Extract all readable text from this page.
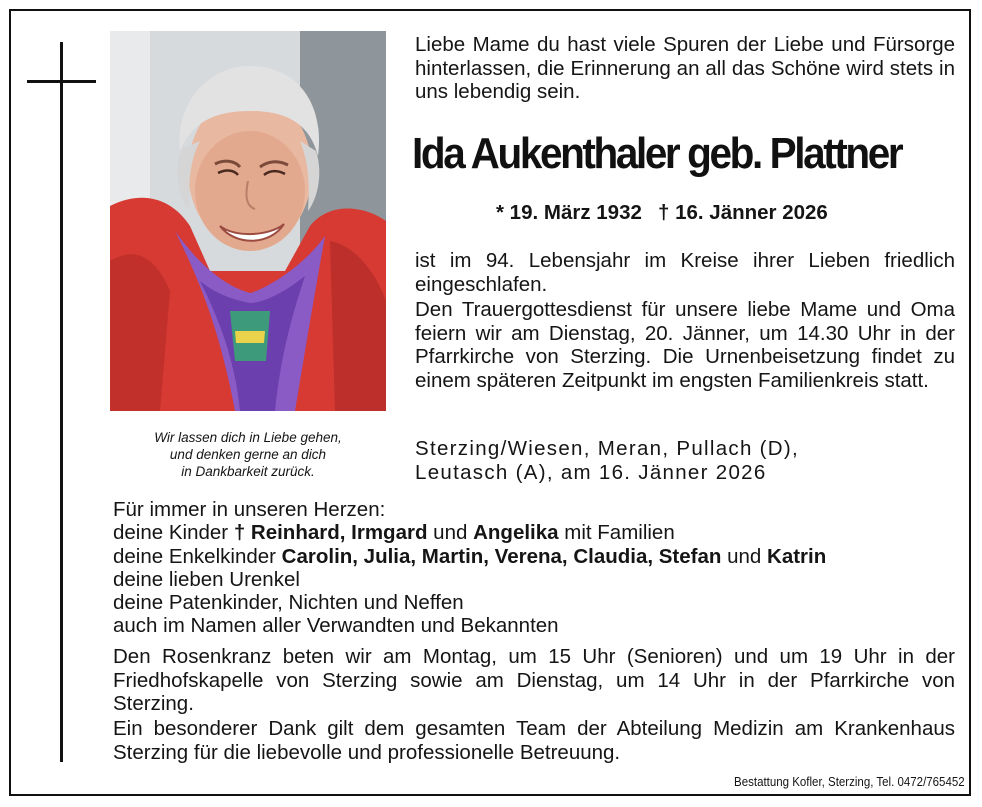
Wir lassen dich in Liebe gehen,
und denken gerne an dich
in Dankbarkeit zurück.
Liebe Mame du hast viele Spuren der Liebe und Fürsorge hinterlassen, die Erinnerung an all das Schöne wird stets in uns lebendig sein.
Ida Aukenthaler geb. Plattner
* 19. März 1932 † 16. Jänner 2026
ist im 94. Lebensjahr im Kreise ihrer Lieben friedlich eingeschlafen.
Den Trauergottesdienst für unsere liebe Mame und Oma feiern wir am Dienstag, 20. Jänner, um 14.30 Uhr in der Pfarrkirche von Sterzing. Die Urnenbeisetzung findet zu einem späteren Zeitpunkt im engsten Familienkreis statt.
Sterzing/Wiesen, Meran, Pullach (D),
Leutasch (A), am 16. Jänner 2026
Für immer in unseren Herzen:
deine Kinder † Reinhard, Irmgard und Angelika mit Familien
deine Enkelkinder Carolin, Julia, Martin, Verena, Claudia, Stefan und Katrin
deine lieben Urenkel
deine Patenkinder, Nichten und Neffen
auch im Namen aller Verwandten und Bekannten
Den Rosenkranz beten wir am Montag, um 15 Uhr (Senioren) und um 19 Uhr in der Friedhofskapelle von Sterzing sowie am Dienstag, um 14 Uhr in der Pfarrkirche von Sterzing.
Ein besonderer Dank gilt dem gesamten Team der Abteilung Medizin am Krankenhaus Sterzing für die liebevolle und professionelle Betreuung.
Bestattung Kofler, Sterzing, Tel. 0472/765452
